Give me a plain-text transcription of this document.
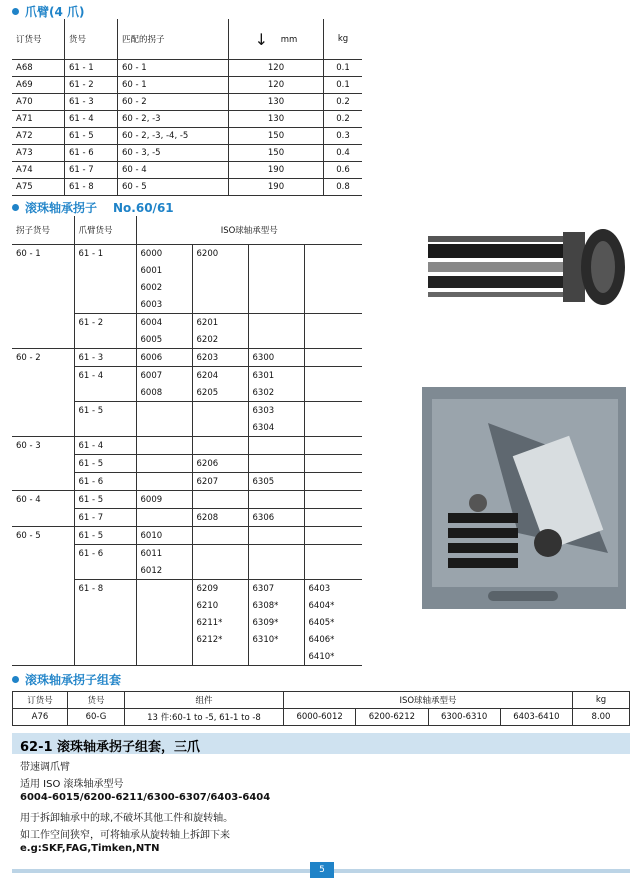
爪臂(4 爪)
订货号	货号	匹配的拐子	↓ mm	kg
A68	61 - 1	60 - 1	120	0.1
A69	61 - 2	60 - 1	120	0.1
A70	61 - 3	60 - 2	130	0.2
A71	61 - 4	60 - 2, -3	130	0.2
A72	61 - 5	60 - 2, -3, -4, -5	150	0.3
A73	61 - 6	60 - 3, -5	150	0.4
A74	61 - 7	60 - 4	190	0.6
A75	61 - 8	60 - 5	190	0.8
滚珠轴承拐子 No.60/61
拐子货号	爪臂货号	ISO球轴承型号			
60 - 1	61 - 1	6000	6200		
		6001			
		6002			
		6003			
	61 - 2	6004	6201		
		6005	6202		
60 - 2	61 - 3	6006	6203	6300	
	61 - 4	6007	6204	6301	
		6008	6205	6302	
	61 - 5			6303	
				6304	
60 - 3	61 - 4				
	61 - 5		6206		
	61 - 6		6207	6305	
60 - 4	61 - 5	6009			
	61 - 7		6208	6306	
60 - 5	61 - 5	6010			
	61 - 6	6011			
		6012			
	61 - 8		6209	6307	6403
			6210	6308*	6404*
			6211*	6309*	6405*
			6212*	6310*	6406*
					6410*
滚珠轴承拐子组套
订货号	货号	组件	ISO球轴承型号				kg
A76	60-G	13 件:60-1 to -5, 61-1 to -8	6000-6012	6200-6212	6300-6310	6403-6410	8.00
62-1 滚珠轴承拐子组套，三爪
带速调爪臂
适用 ISO 滚珠轴承型号
6004-6015/6200-6211/6300-6307/6403-6404
用于拆卸轴承中的球,不破坏其他工件和旋转轴。
如工作空间狭窄，可将轴承从旋转轴上拆卸下来
e.g:SKF,FAG,Timken,NTN
5
